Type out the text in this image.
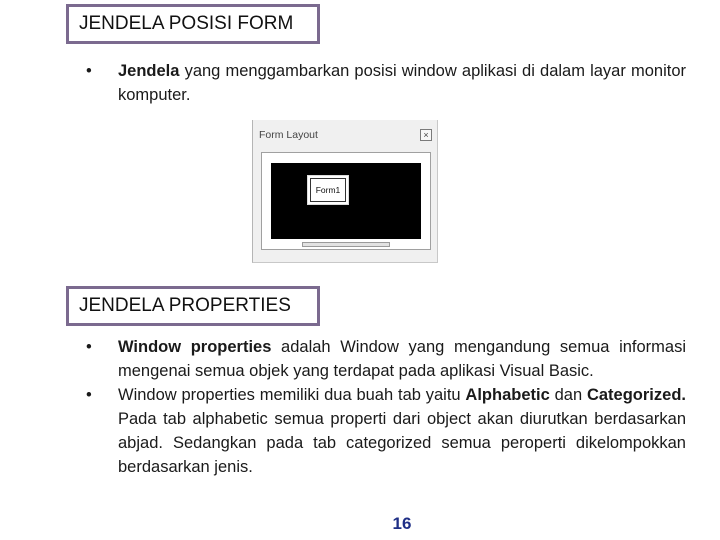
JENDELA POSISI FORM
• Jendela yang menggambarkan posisi window aplikasi di dalam layar monitor komputer.
Form Layout	×
Form1
JENDELA PROPERTIES
• Window properties adalah Window yang mengandung semua informasi mengenai semua objek yang terdapat pada aplikasi Visual Basic.
• Window properties memiliki dua buah tab yaitu Alphabetic dan Categorized. Pada tab alphabetic semua properti dari object akan diurutkan berdasarkan abjad. Sedangkan pada tab categorized semua peroperti dikelompokkan berdasarkan jenis.
16
